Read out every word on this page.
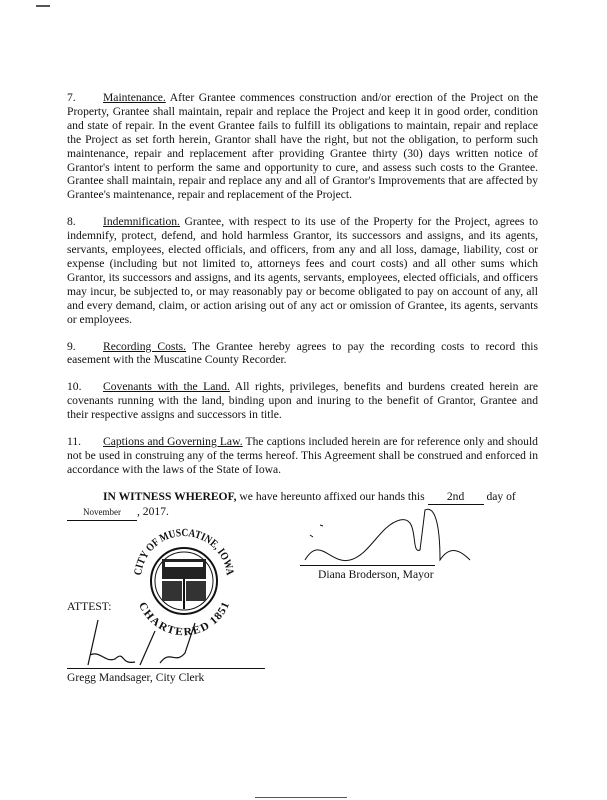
7. Maintenance. After Grantee commences construction and/or erection of the Project on the Property, Grantee shall maintain, repair and replace the Project and keep it in good order, condition and state of repair. In the event Grantee fails to fulfill its obligations to maintain, repair and replace the Project as set forth herein, Grantor shall have the right, but not the obligation, to perform such maintenance, repair and replacement after providing Grantee thirty (30) days written notice of Grantor's intent to perform the same and opportunity to cure, and assess such costs to the Grantee. Grantee shall maintain, repair and replace any and all of Grantor's Improvements that are affected by Grantee's maintenance, repair and replacement of the Project.

8. Indemnification. Grantee, with respect to its use of the Property for the Project, agrees to indemnify, protect, defend, and hold harmless Grantor, its successors and assigns, and its agents, servants, employees, elected officials, and officers, from any and all loss, damage, liability, cost or expense (including but not limited to, attorneys fees and court costs) and all other sums which Grantor, its successors and assigns, and its agents, servants, employees, elected officials, and officers may incur, be subjected to, or may reasonably pay or become obligated to pay on account of any, all and every demand, claim, or action arising out of any act or omission of Grantee, its agents, servants or employees.

9. Recording Costs. The Grantee hereby agrees to pay the recording costs to record this easement with the Muscatine County Recorder.

10. Covenants with the Land. All rights, privileges, benefits and burdens created herein are covenants running with the land, binding upon and inuring to the benefit of Grantor, Grantee and their respective assigns and successors in title.

11. Captions and Governing Law. The captions included herein are for reference only and should not be used in construing any of the terms hereof. This Agreement shall be construed and enforced in accordance with the laws of the State of Iowa.

IN WITNESS WHEREOF, we have hereunto affixed our hands this 2nd day of

November , 2017.
CITY OF MUSCATINE, IOWA
CHARTERED 1851
Diana Broderson, Mayor
ATTEST:
Gregg Mandsager, City Clerk
